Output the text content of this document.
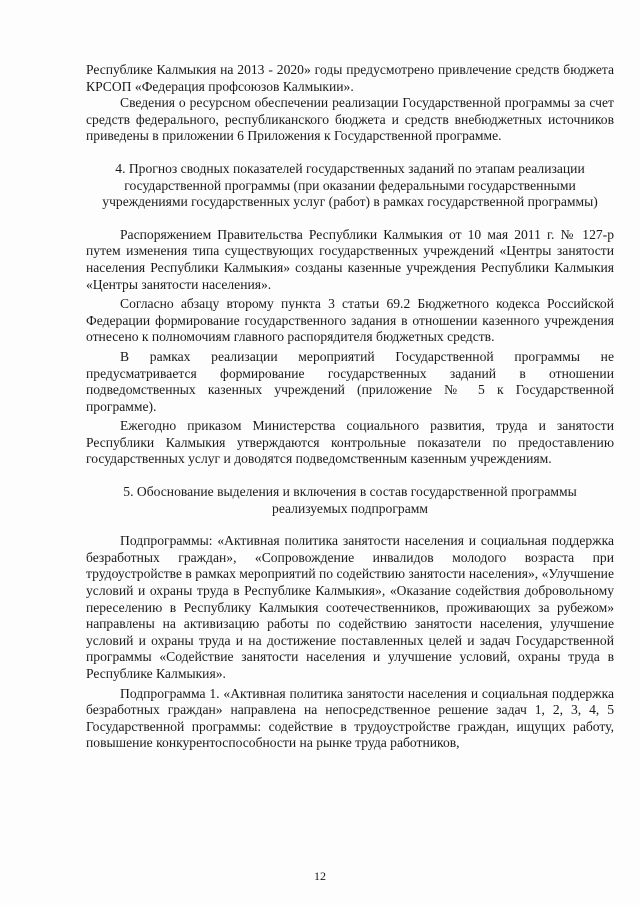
Республике Калмыкия на 2013 - 2020» годы предусмотрено привлечение средств бюджета КРСОП «Федерация профсоюзов Калмыкии».

Сведения о ресурсном обеспечении реализации Государственной программы за счет средств федерального, республиканского бюджета и средств внебюджетных источников приведены в приложении 6 Приложения к Государственной программе.

4. Прогноз сводных показателей государственных заданий по этапам реализации государственной программы (при оказании федеральными государственными учреждениями государственных услуг (работ) в рамках государственной программы)

Распоряжением Правительства Республики Калмыкия от 10 мая 2011 г. № 127-р путем изменения типа существующих государственных учреждений «Центры занятости населения Республики Калмыкия» созданы казенные учреждения Республики Калмыкия «Центры занятости населения».

Согласно абзацу второму пункта 3 статьи 69.2 Бюджетного кодекса Российской Федерации формирование государственного задания в отношении казенного учреждения отнесено к полномочиям главного распорядителя бюджетных средств.

В рамках реализации мероприятий Государственной программы не предусматривается формирование государственных заданий в отношении подведомственных казенных учреждений (приложение № 5 к Государственной программе).

Ежегодно приказом Министерства социального развития, труда и занятости Республики Калмыкия утверждаются контрольные показатели по предоставлению государственных услуг и доводятся подведомственным казенным учреждениям.

5. Обоснование выделения и включения в состав государственной программы реализуемых подпрограмм

Подпрограммы: «Активная политика занятости населения и социальная поддержка безработных граждан», «Сопровождение инвалидов молодого возраста при трудоустройстве в рамках мероприятий по содействию занятости населения», «Улучшение условий и охраны труда в Республике Калмыкия», «Оказание содействия добровольному переселению в Республику Калмыкия соотечественников, проживающих за рубежом» направлены на активизацию работы по содействию занятости населения, улучшение условий и охраны труда и на достижение поставленных целей и задач Государственной программы «Содействие занятости населения и улучшение условий, охраны труда в Республике Калмыкия».

Подпрограмма 1. «Активная политика занятости населения и социальная поддержка безработных граждан» направлена на непосредственное решение задач 1, 2, 3, 4, 5 Государственной программы: содействие в трудоустройстве граждан, ищущих работу, повышение конкурентоспособности на рынке труда работников,

12
